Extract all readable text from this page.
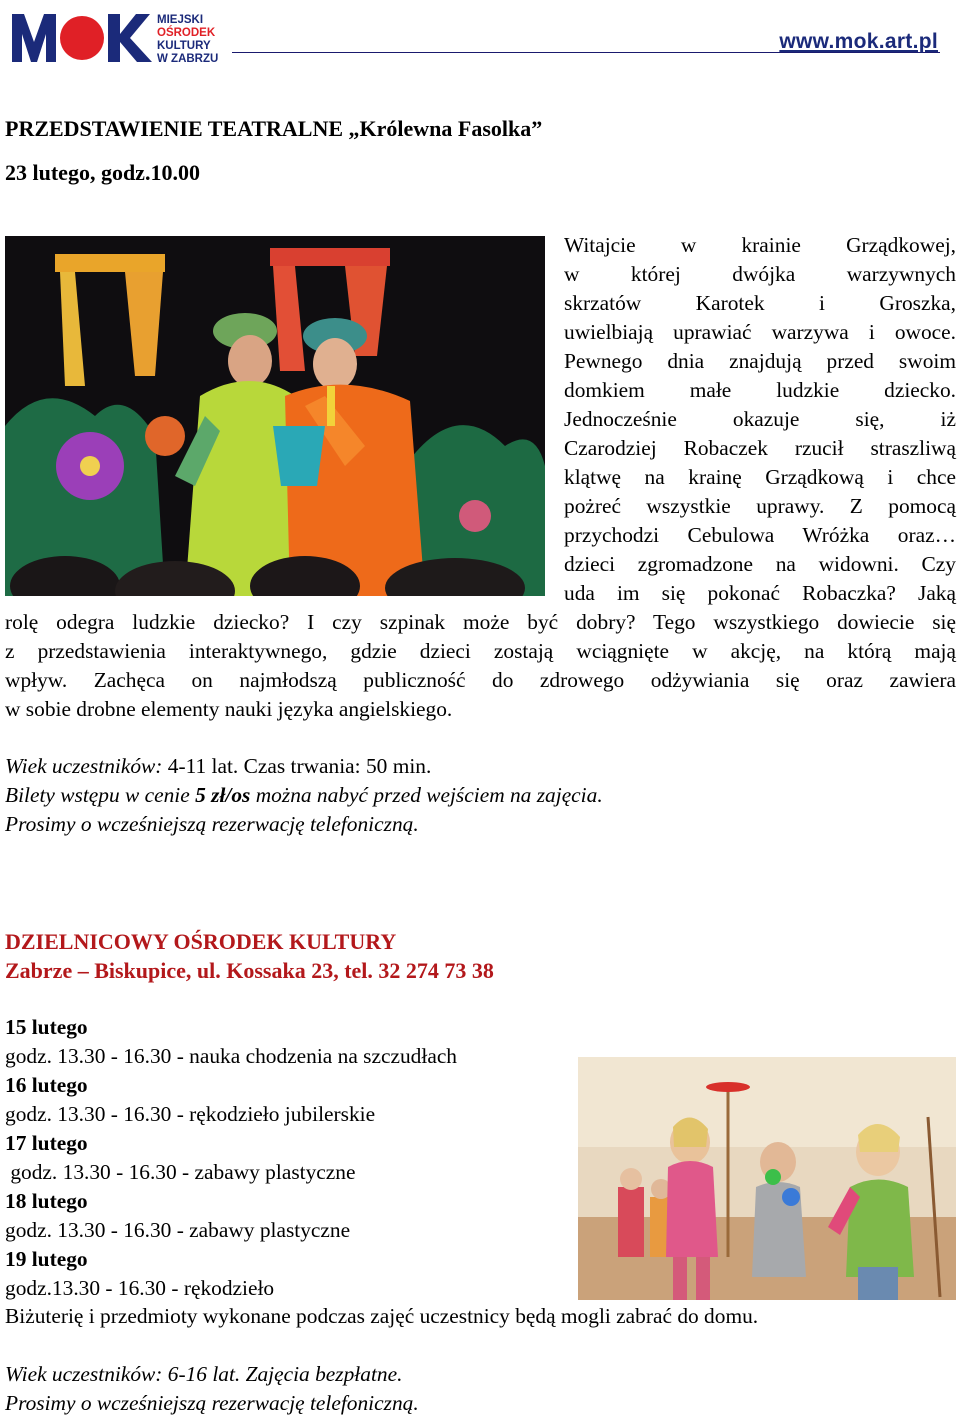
MIEJSKI
OŚRODEK
KULTURY
W ZABRZU
www.mok.art.pl
PRZEDSTAWIENIE TEATRALNE „Królewna Fasolka”
23 lutego, godz.10.00
Witajcie w krainie Grządkowej,
w której dwójka warzywnych
skrzatów Karotek i Groszka,
uwielbiają uprawiać warzywa i owoce.
Pewnego dnia znajdują przed swoim
domkiem małe ludzkie dziecko.
Jednocześnie okazuje się, iż
Czarodziej Robaczek rzucił straszliwą
klątwę na krainę Grządkową i chce
pożreć wszystkie uprawy. Z pomocą
przychodzi Cebulowa Wróżka oraz…
dzieci zgromadzone na widowni. Czy
uda im się pokonać Robaczka? Jaką
rolę odegra ludzkie dziecko? I czy szpinak może być dobry? Tego wszystkiego dowiecie się
z przedstawienia interaktywnego, gdzie dzieci zostają wciągnięte w akcję, na którą mają
wpływ. Zachęca on najmłodszą publiczność do zdrowego odżywiania się oraz zawiera
w sobie drobne elementy nauki języka angielskiego.
Wiek uczestników: 4-11 lat. Czas trwania: 50 min.
Bilety wstępu w cenie 5 zł/os można nabyć przed wejściem na zajęcia.
Prosimy o wcześniejszą rezerwację telefoniczną.
DZIELNICOWY OŚRODEK KULTURY
Zabrze – Biskupice, ul. Kossaka 23, tel. 32 274 73 38
15 lutego
godz. 13.30 - 16.30 - nauka chodzenia na szczudłach
16 lutego
godz. 13.30 - 16.30 - rękodzieło jubilerskie
17 lutego
godz. 13.30 - 16.30 - zabawy plastyczne
18 lutego
godz. 13.30 - 16.30 - zabawy plastyczne
19 lutego
godz.13.30 - 16.30 - rękodzieło
Biżuterię i przedmioty wykonane podczas zajęć uczestnicy będą mogli zabrać do domu.
Wiek uczestników: 6-16 lat. Zajęcia bezpłatne.
Prosimy o wcześniejszą rezerwację telefoniczną.
